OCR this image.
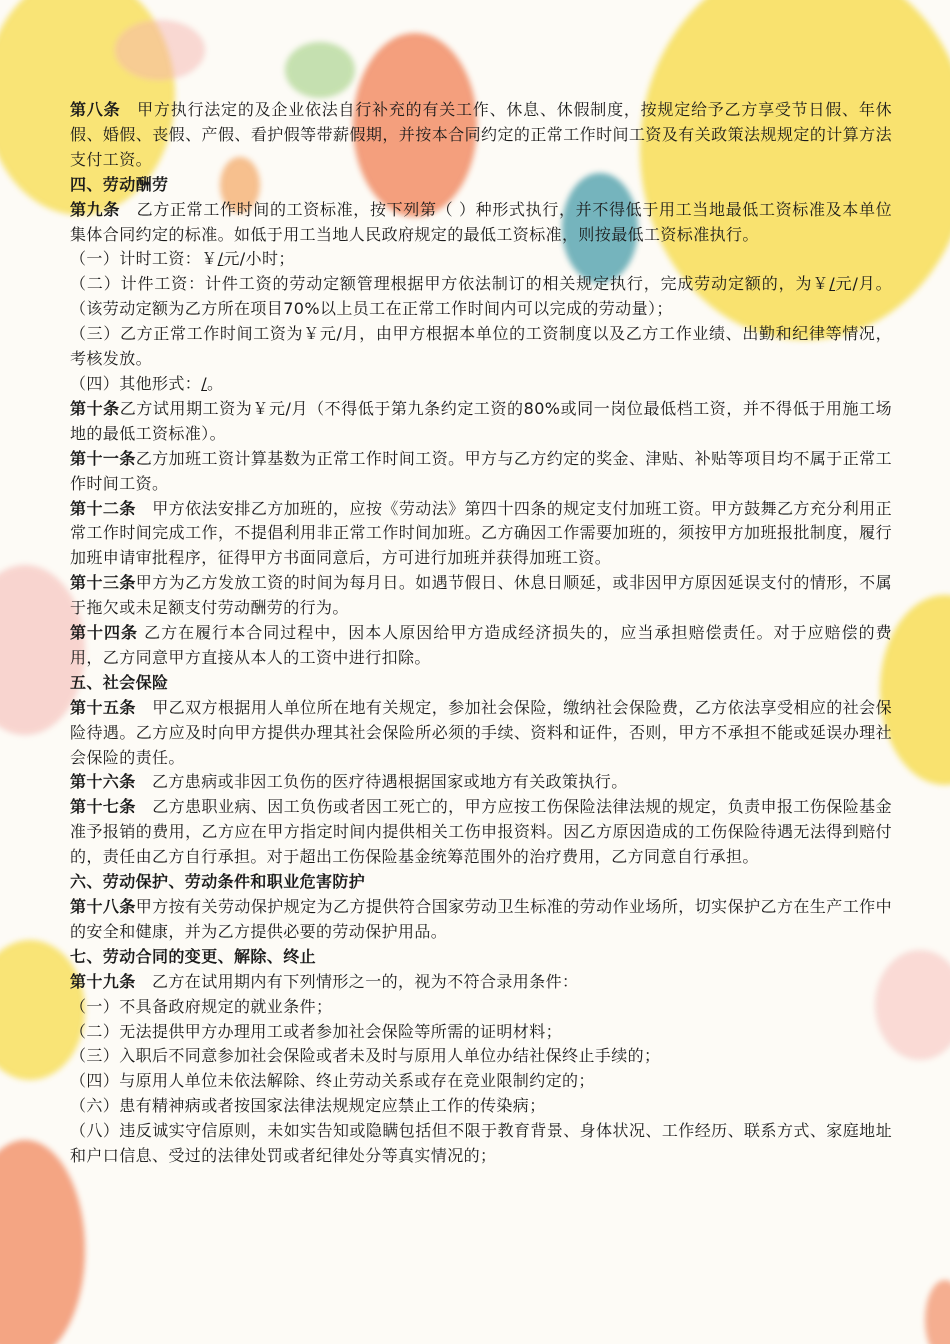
第八条　甲方执行法定的及企业依法自行补充的有关工作、休息、休假制度，按规定给予乙方享受节日假、年休假、婚假、丧假、产假、看护假等带薪假期，并按本合同约定的正常工作时间工资及有关政策法规规定的计算方法支付工资。

四、劳动酬劳

第九条　乙方正常工作时间的工资标准，按下列第（ ）种形式执行，并不得低于用工当地最低工资标准及本单位集体合同约定的标准。如低于用工当地人民政府规定的最低工资标准，则按最低工资标准执行。

（一）计时工资：￥/元/小时；

（二）计件工资：计件工资的劳动定额管理根据甲方依法制订的相关规定执行，完成劳动定额的，为￥/元/月。（该劳动定额为乙方所在项目70%以上员工在正常工作时间内可以完成的劳动量）；

（三）乙方正常工作时间工资为￥元/月，由甲方根据本单位的工资制度以及乙方工作业绩、出勤和纪律等情况，考核发放。

（四）其他形式：/。

第十条乙方试用期工资为￥元/月（不得低于第九条约定工资的80%或同一岗位最低档工资，并不得低于用施工场地的最低工资标准）。

第十一条乙方加班工资计算基数为正常工作时间工资。甲方与乙方约定的奖金、津贴、补贴等项目均不属于正常工作时间工资。

第十二条　甲方依法安排乙方加班的，应按《劳动法》第四十四条的规定支付加班工资。甲方鼓舞乙方充分利用正常工作时间完成工作，不提倡利用非正常工作时间加班。乙方确因工作需要加班的，须按甲方加班报批制度，履行加班申请审批程序，征得甲方书面同意后，方可进行加班并获得加班工资。

第十三条甲方为乙方发放工资的时间为每月日。如遇节假日、休息日顺延，或非因甲方原因延误支付的情形，不属于拖欠或未足额支付劳动酬劳的行为。

第十四条 乙方在履行本合同过程中，因本人原因给甲方造成经济损失的，应当承担赔偿责任。对于应赔偿的费用，乙方同意甲方直接从本人的工资中进行扣除。

五、社会保险

第十五条　甲乙双方根据用人单位所在地有关规定，参加社会保险，缴纳社会保险费，乙方依法享受相应的社会保险待遇。乙方应及时向甲方提供办理其社会保险所必须的手续、资料和证件，否则，甲方不承担不能或延误办理社会保险的责任。

第十六条　乙方患病或非因工负伤的医疗待遇根据国家或地方有关政策执行。

第十七条　乙方患职业病、因工负伤或者因工死亡的，甲方应按工伤保险法律法规的规定，负责申报工伤保险基金准予报销的费用，乙方应在甲方指定时间内提供相关工伤申报资料。因乙方原因造成的工伤保险待遇无法得到赔付的，责任由乙方自行承担。对于超出工伤保险基金统筹范围外的治疗费用，乙方同意自行承担。

六、劳动保护、劳动条件和职业危害防护

第十八条甲方按有关劳动保护规定为乙方提供符合国家劳动卫生标准的劳动作业场所，切实保护乙方在生产工作中的安全和健康，并为乙方提供必要的劳动保护用品。

七、劳动合同的变更、解除、终止

第十九条　乙方在试用期内有下列情形之一的，视为不符合录用条件：

（一）不具备政府规定的就业条件；

（二）无法提供甲方办理用工或者参加社会保险等所需的证明材料；

（三）入职后不同意参加社会保险或者未及时与原用人单位办结社保终止手续的；

（四）与原用人单位未依法解除、终止劳动关系或存在竞业限制约定的；

（六）患有精神病或者按国家法律法规规定应禁止工作的传染病；

（八）违反诚实守信原则，未如实告知或隐瞒包括但不限于教育背景、身体状况、工作经历、联系方式、家庭地址和户口信息、受过的法律处罚或者纪律处分等真实情况的；
